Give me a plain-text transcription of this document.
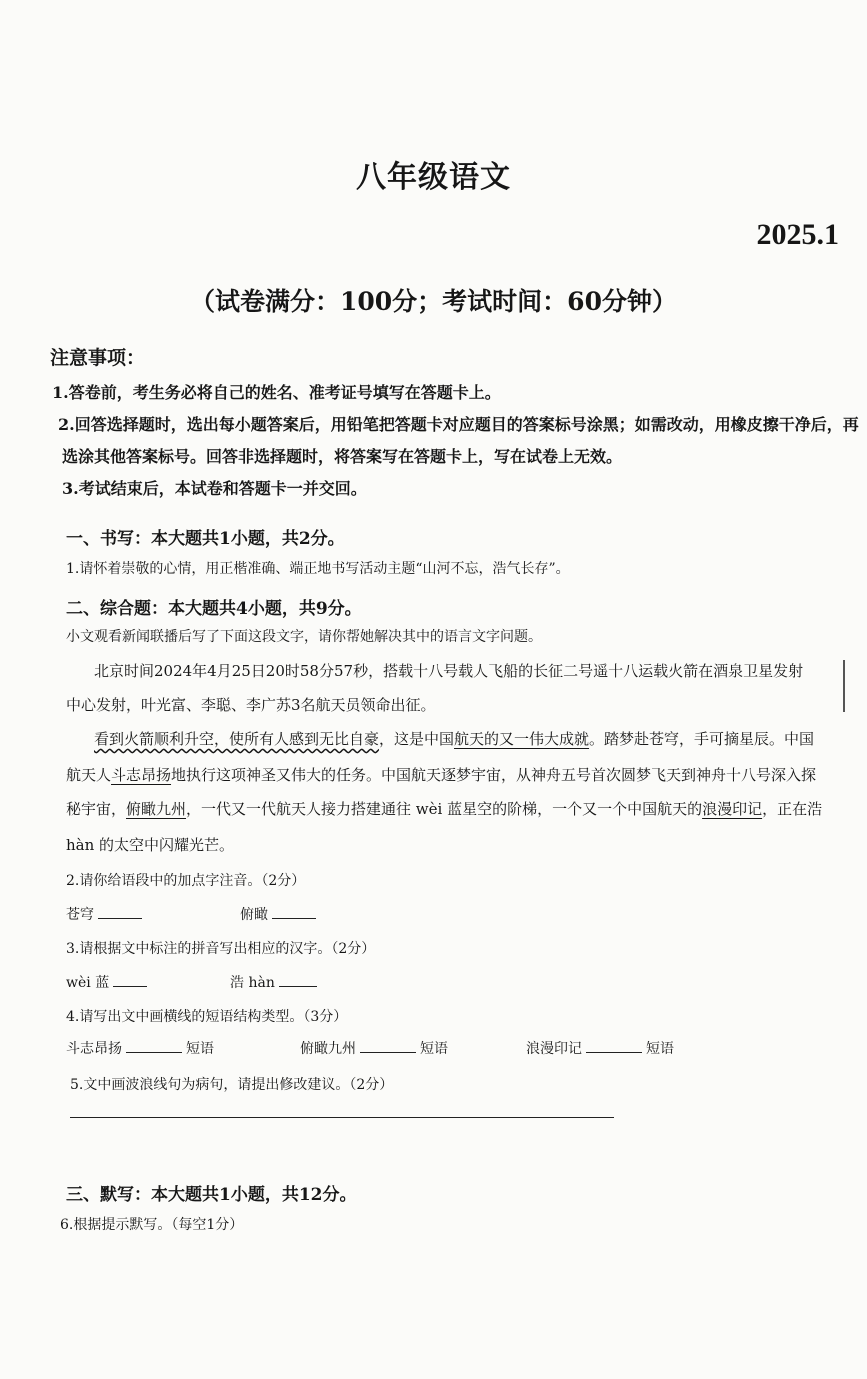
八年级语文
2025.1
（试卷满分：100分；考试时间：60分钟）
注意事项：
1.答卷前，考生务必将自己的姓名、准考证号填写在答题卡上。
2.回答选择题时，选出每小题答案后，用铅笔把答题卡对应题目的答案标号涂黑；如需改动，用橡皮擦干净后，再
选涂其他答案标号。回答非选择题时，将答案写在答题卡上，写在试卷上无效。
3.考试结束后，本试卷和答题卡一并交回。
一、书写：本大题共1小题，共2分。
1.请怀着崇敬的心情，用正楷准确、端正地书写活动主题“山河不忘，浩气长存”。
二、综合题：本大题共4小题，共9分。
小文观看新闻联播后写了下面这段文字，请你帮她解决其中的语言文字问题。
北京时间2024年4月25日20时58分57秒，搭载十八号载人飞船的长征二号遥十八运载火箭在酒泉卫星发射
中心发射，叶光富、李聪、李广苏3名航天员领命出征。
看到火箭顺利升空，使所有人感到无比自豪，这是中国航天的又一伟大成就。踏梦赴苍穹，手可摘星辰。中国
航天人斗志昂扬地执行这项神圣又伟大的任务。中国航天逐梦宇宙，从神舟五号首次圆梦飞天到神舟十八号深入探
秘宇宙，俯瞰九州，一代又一代航天人接力搭建通往 wèi 蓝星空的阶梯，一个又一个中国航天的浪漫印记，正在浩
hàn 的太空中闪耀光芒。
2.请你给语段中的加点字注音。（2分）
苍穹	俯瞰
3.请根据文中标注的拼音写出相应的汉字。（2分）
wèi 蓝	浩 hàn
4.请写出文中画横线的短语结构类型。（3分）
斗志昂扬	短语	俯瞰九州	短语	浪漫印记	短语
5.文中画波浪线句为病句，请提出修改建议。（2分）
三、默写：本大题共1小题，共12分。
6.根据提示默写。（每空1分）
